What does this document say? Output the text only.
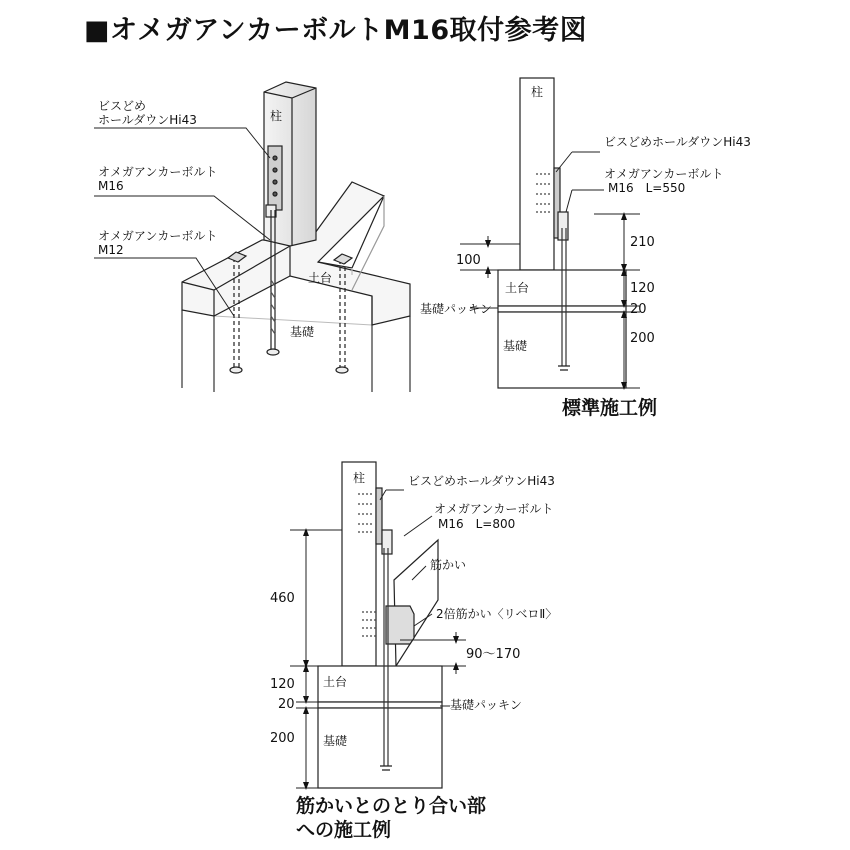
■オメガアンカーボルトM16取付参考図
ビスどめ
ホールダウンHi43
オメガアンカーボルト
M16
オメガアンカーボルト
M12
柱
土台
基礎
柱
ビスどめホールダウンHi43
オメガアンカーボルト
M16　L=550
100
210
120
20
200
土台
基礎パッキン
基礎
標準施工例
柱	ビスどめホールダウンHi43
オメガアンカーボルト
M16　L=800
筋かい
2倍筋かい〈リベロⅡ〉
90～170
460
120
20
200
土台
基礎パッキン
基礎
筋かいとのとり合い部
への施工例
